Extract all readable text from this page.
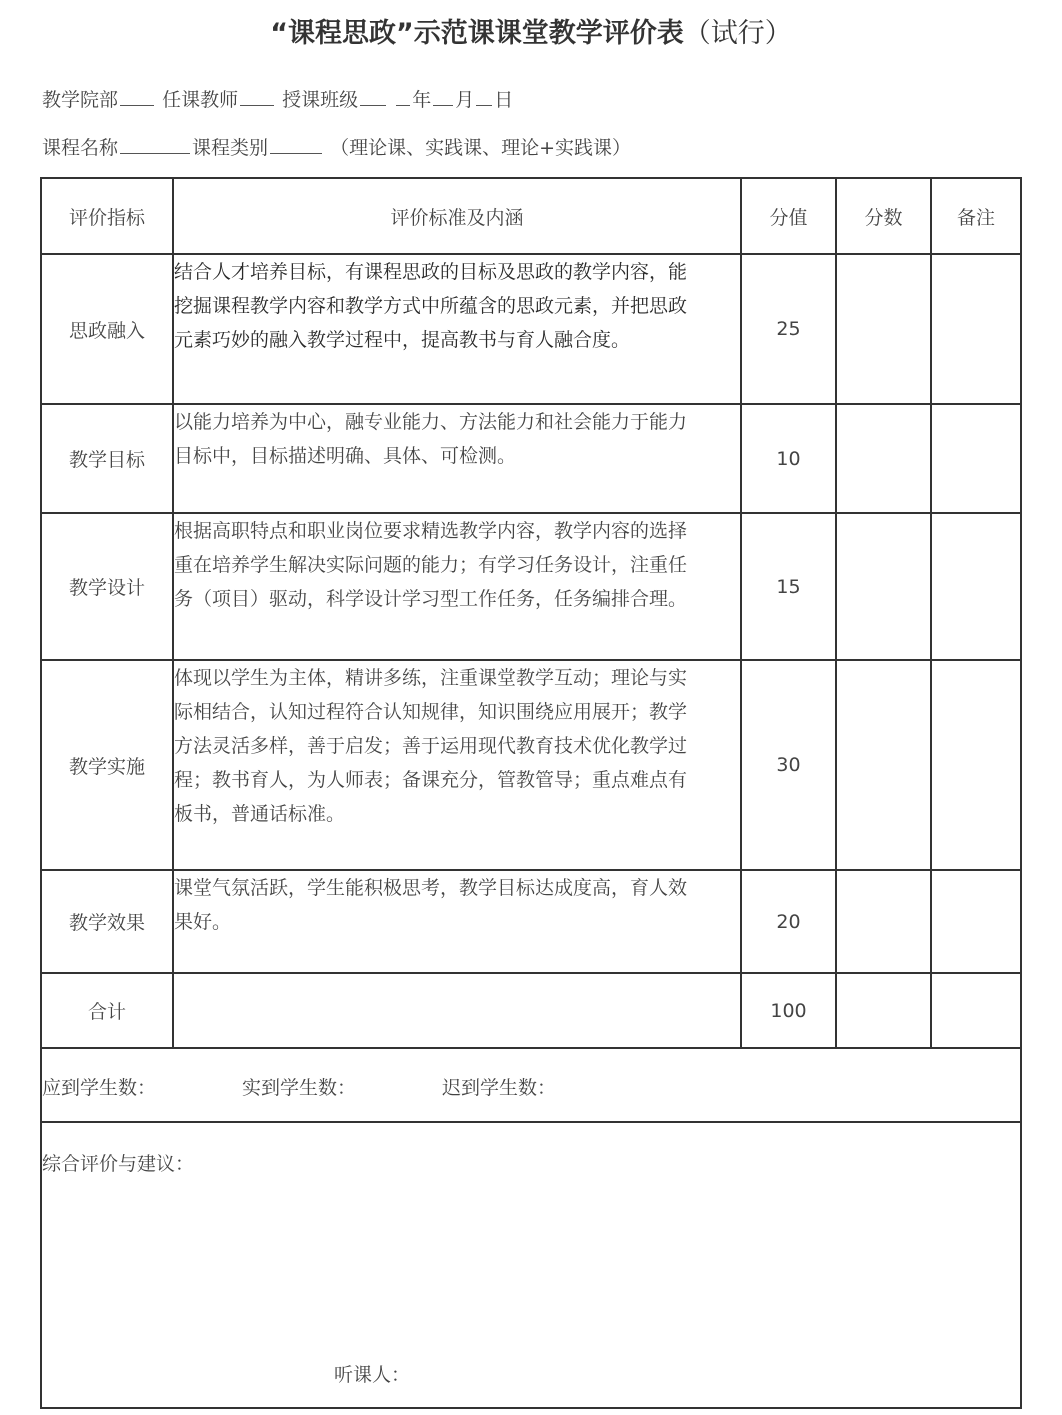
“课程思政”示范课课堂教学评价表（试行）
教学院部 任课教师 授课班级	年 月 日
课程名称	课程类别	（理论课、实践课、理论+实践课）
评价指标	评价标准及内涵	分值	分数	备注
思政融入	结合人才培养目标，有课程思政的目标及思政的教学内容，能
挖掘课程教学内容和教学方式中所蕴含的思政元素，并把思政
元素巧妙的融入教学过程中，提高教书与育人融合度。	25		
教学目标	以能力培养为中心，融专业能力、方法能力和社会能力于能力
目标中，目标描述明确、具体、可检测。	10		
教学设计	根据高职特点和职业岗位要求精选教学内容，教学内容的选择
重在培养学生解决实际问题的能力；有学习任务设计，注重任
务（项目）驱动，科学设计学习型工作任务，任务编排合理。	15		
教学实施	体现以学生为主体，精讲多练，注重课堂教学互动；理论与实
际相结合，认知过程符合认知规律，知识围绕应用展开；教学
方法灵活多样，善于启发；善于运用现代教育技术优化教学过
程；教书育人，为人师表；备课充分，管教管导；重点难点有
板书，普通话标准。	30		
教学效果	课堂气氛活跃，学生能积极思考，教学目标达成度高，育人效
果好。	20		
合计		100		
应到学生数： 实到学生数： 迟到学生数：				

综合评价与建议：
听课人：				
